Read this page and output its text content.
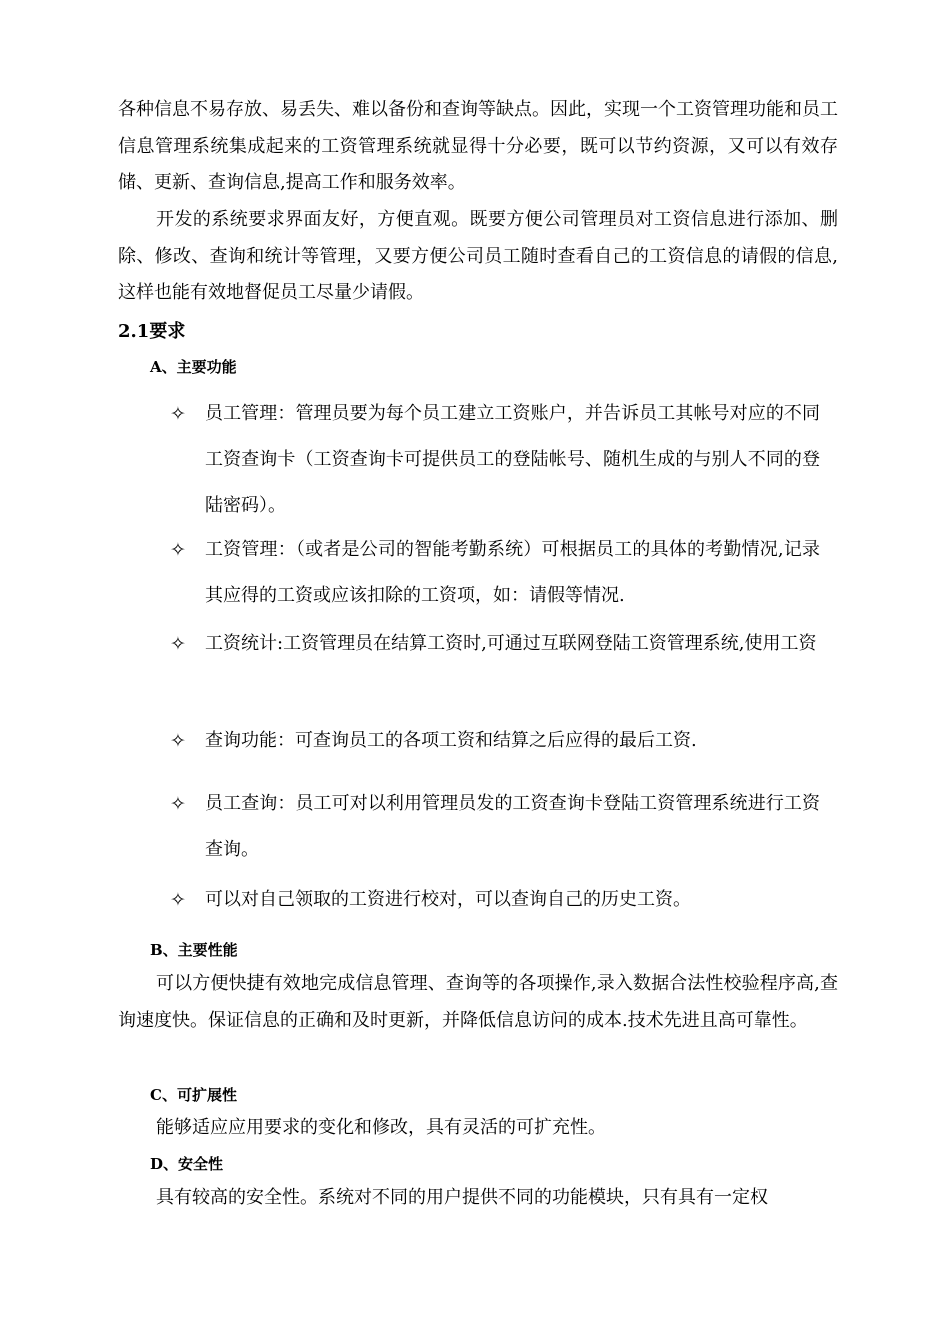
各种信息不易存放、易丢失、难以备份和查询等缺点。因此，实现一个工资管理功能和员工信息管理系统集成起来的工资管理系统就显得十分必要，既可以节约资源，又可以有效存储、更新、查询信息,提高工作和服务效率。

开发的系统要求界面友好，方便直观。既要方便公司管理员对工资信息进行添加、删除、修改、查询和统计等管理，又要方便公司员工随时查看自己的工资信息的请假的信息,这样也能有效地督促员工尽量少请假。

2.1要求
A、主要功能
✧ 员工管理：管理员要为每个员工建立工资账户，并告诉员工其帐号对应的不同工资查询卡（工资查询卡可提供员工的登陆帐号、随机生成的与别人不同的登陆密码）。
✧ 工资管理：（或者是公司的智能考勤系统）可根据员工的具体的考勤情况,记录其应得的工资或应该扣除的工资项，如：请假等情况.
✧ 工资统计:工资管理员在结算工资时,可通过互联网登陆工资管理系统,使用工资
✧ 查询功能：可查询员工的各项工资和结算之后应得的最后工资.
✧ 员工查询：员工可对以利用管理员发的工资查询卡登陆工资管理系统进行工资查询。
✧ 可以对自己领取的工资进行校对，可以查询自己的历史工资。
B、主要性能

可以方便快捷有效地完成信息管理、查询等的各项操作,录入数据合法性校验程序高,查询速度快。保证信息的正确和及时更新，并降低信息访问的成本.技术先进且高可靠性。

C、可扩展性

能够适应应用要求的变化和修改，具有灵活的可扩充性。

D、安全性

具有较高的安全性。系统对不同的用户提供不同的功能模块，只有具有一定权
